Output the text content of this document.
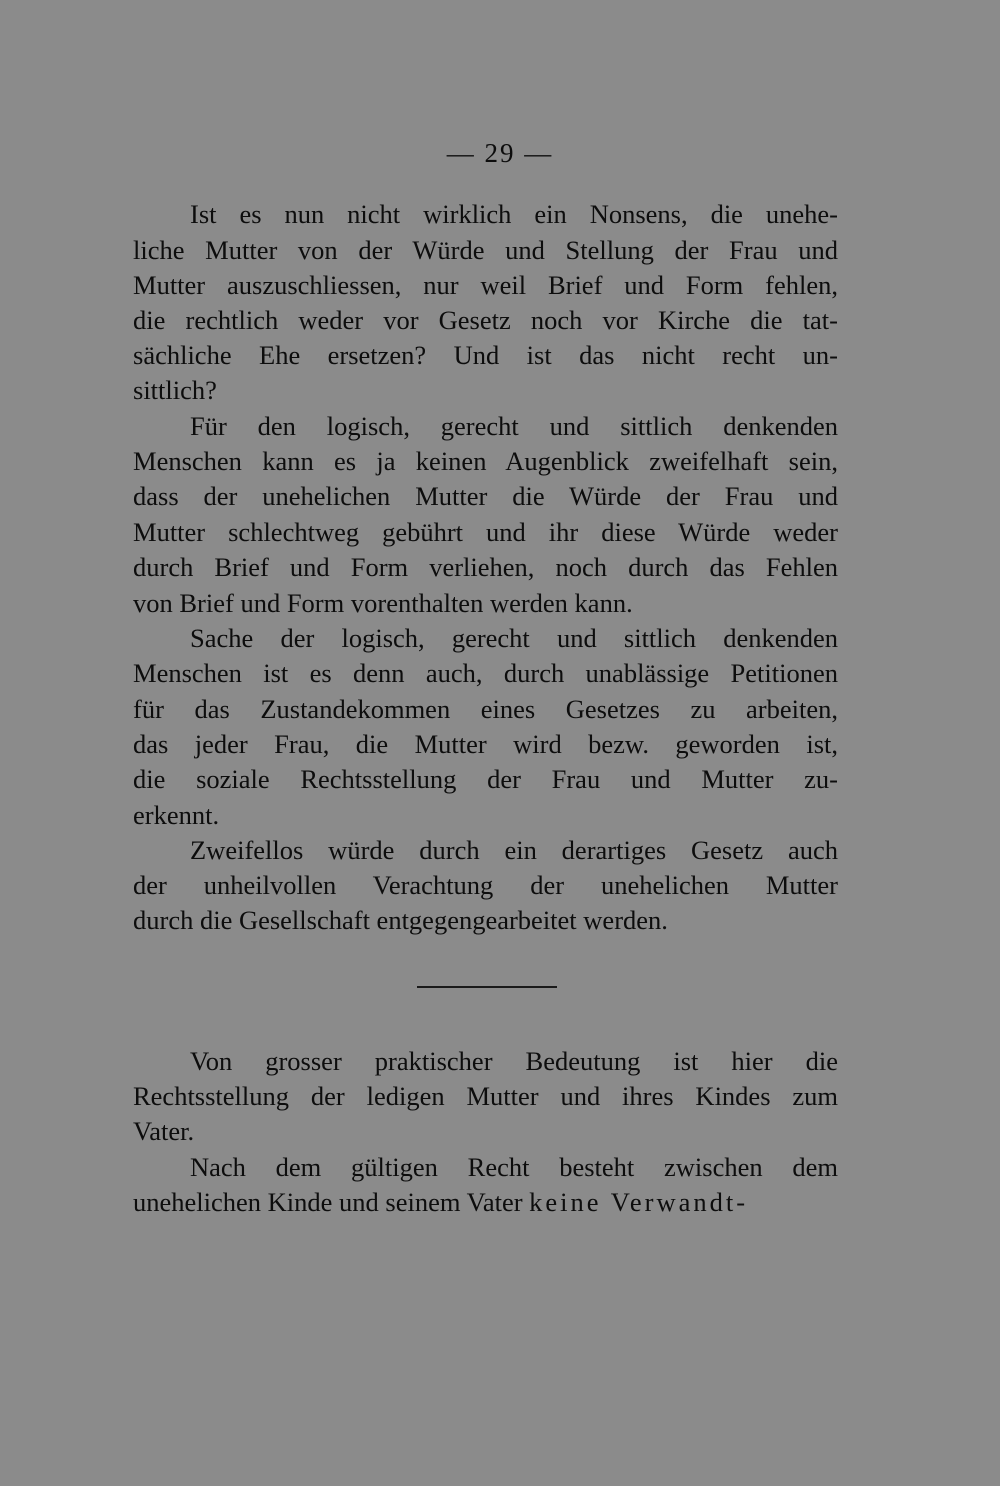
— 29 —
Ist es nun nicht wirklich ein Nonsens, die unehe-
liche Mutter von der Würde und Stellung der Frau und
Mutter auszuschliessen, nur weil Brief und Form fehlen,
die rechtlich weder vor Gesetz noch vor Kirche die tat-
sächliche Ehe ersetzen? Und ist das nicht recht un-
sittlich?
Für den logisch, gerecht und sittlich denkenden
Menschen kann es ja keinen Augenblick zweifelhaft sein,
dass der unehelichen Mutter die Würde der Frau und
Mutter schlechtweg gebührt und ihr diese Würde weder
durch Brief und Form verliehen, noch durch das Fehlen
von Brief und Form vorenthalten werden kann.
Sache der logisch, gerecht und sittlich denkenden
Menschen ist es denn auch, durch unablässige Petitionen
für das Zustandekommen eines Gesetzes zu arbeiten,
das jeder Frau, die Mutter wird bezw. geworden ist,
die soziale Rechtsstellung der Frau und Mutter zu-
erkennt.
Zweifellos würde durch ein derartiges Gesetz auch
der unheilvollen Verachtung der unehelichen Mutter
durch die Gesellschaft entgegengearbeitet werden.
Von grosser praktischer Bedeutung ist hier die
Rechtsstellung der ledigen Mutter und ihres Kindes zum
Vater.
Nach dem gültigen Recht besteht zwischen dem
unehelichen Kinde und seinem Vater keine Verwandt-
